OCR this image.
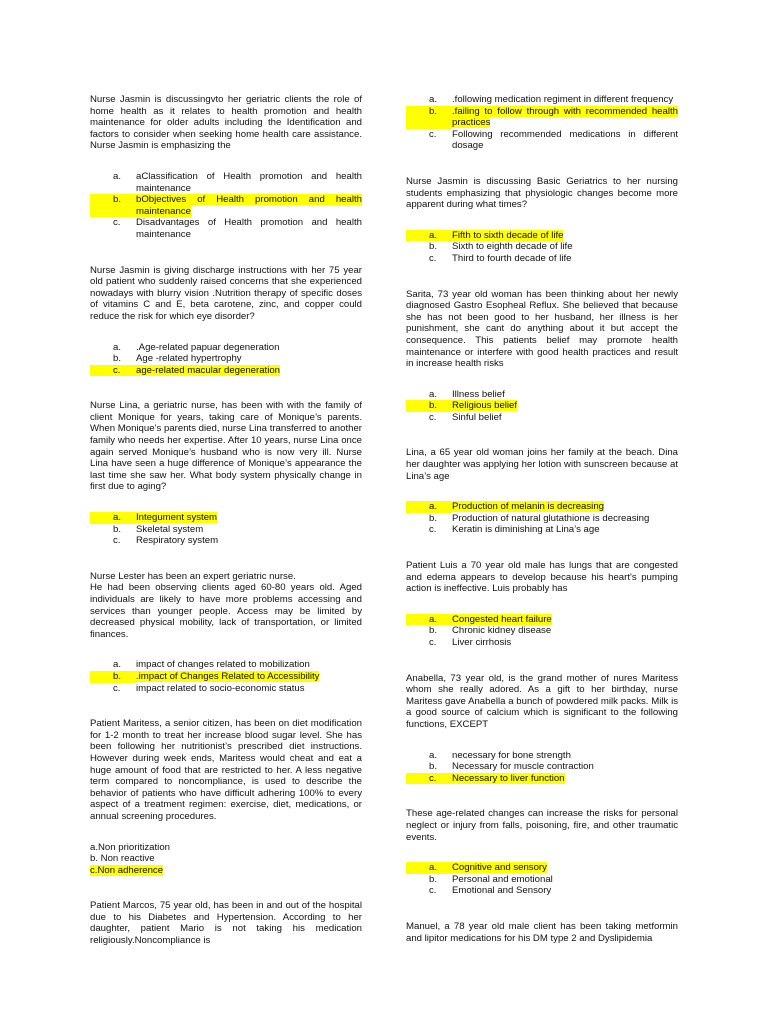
Nurse Jasmin is discussingvto her geriatric clients the role of home health as it relates to health promotion and health maintenance for older adults including the Identification and factors to consider when seeking home health care assistance. Nurse Jasmin is emphasizing the

a.	aClassification of Health promotion and health maintenance
b.	bObjectives of Health promotion and health maintenance
c.	Disadvantages of Health promotion and health maintenance

Nurse Jasmin is giving discharge instructions with her 75 year old patient who suddenly raised concerns that she experienced nowadays with blurry vision .Nutrition therapy of specific doses of vitamins C and E, beta carotene, zinc, and copper could reduce the risk for which eye disorder?

a.	.Age-related papuar degeneration
b.	Age -related hypertrophy
c.	age-related macular degeneration

Nurse Lina, a geriatric nurse, has been with with the family of client Monique for years, taking care of Monique’s parents. When Monique’s parents died, nurse Lina transferred to another family who needs her expertise. After 10 years, nurse Lina once again served Monique’s husband who is now very ill. Nurse Lina have seen a huge difference of Monique’s appearance the last time she saw her. What body system physically change in first due to aging?

a.	Integument system
b.	Skeletal system
c.	Respiratory system

Nurse Lester has been an expert geriatric nurse.

He had been observing clients aged 60-80 years old. Aged individuals are likely to have more problems accessing and services than younger people. Access may be limited by decreased physical mobility, lack of transportation, or limited finances.

a.	impact of changes related to mobilization
b.	.impact of Changes Related to Accessibility
c.	impact related to socio-economic status

Patient Maritess, a senior citizen, has been on diet modification for 1-2 month to treat her increase blood sugar level. She has been following her nutritionist’s prescribed diet instructions. However during week ends, Maritess would cheat and eat a huge amount of food that are restricted to her. A less negative term compared to noncompliance, is used to describe the behavior of patients who have difficult adhering 100% to every aspect of a treatment regimen: exercise, diet, medications, or annual screening procedures.

a.Non prioritization
b. Non reactive
c.Non adherence

Patient Marcos, 75 year old, has been in and out of the hospital due to his Diabetes and Hypertension. According to her daughter, patient Mario is not taking his medication religiously.Noncompliance is

a.	.following medication regiment in different frequency
b.	.failing to follow through with recommended health practices
c.	Following recommended medications in different dosage

Nurse Jasmin is discussing Basic Geriatrics to her nursing students emphasizing that physiologic changes become more apparent during what times?

a.	Fifth to sixth decade of life
b.	Sixth to eighth decade of life
c.	Third to fourth decade of life

Sarita, 73 year old woman has been thinking about her newly diagnosed Gastro Esopheal Reflux. She believed that because she has not been good to her husband, her illness is her punishment, she cant do anything about it but accept the consequence. This patients belief may promote health maintenance or interfere with good health practices and result in increase health risks

a.	Illness belief
b.	Religious belief
c.	Sinful belief

Lina, a 65 year old woman joins her family at the beach. Dina her daughter was applying her lotion with sunscreen because at Lina’s age

a.	Production of melanin is decreasing
b.	Production of natural glutathione is decreasing
c.	Keratin is diminishing at Lina’s age

Patient Luis a 70 year old male has lungs that are congested and edema appears to develop because his heart's pumping action is ineffective. Luis probably has

a.	Congested heart failure
b.	Chronic kidney disease
c.	Liver cirrhosis

Anabella, 73 year old, is the grand mother of nures Maritess whom she really adored. As a gift to her birthday, nurse Maritess gave Anabella a bunch of powdered milk packs. Milk is a good source of calcium which is significant to the following functions, EXCEPT

a.	necessary for bone strength
b.	Necessary for muscle contraction
c.	Necessary to liver function

These age-related changes can increase the risks for personal neglect or injury from falls, poisoning, fire, and other traumatic events.

a.	Cognitive and sensory
b.	Personal and emotional
c.	Emotional and Sensory

Manuel, a 78 year old male client has been taking metformin and lipitor medications for his DM type 2 and Dyslipidemia
